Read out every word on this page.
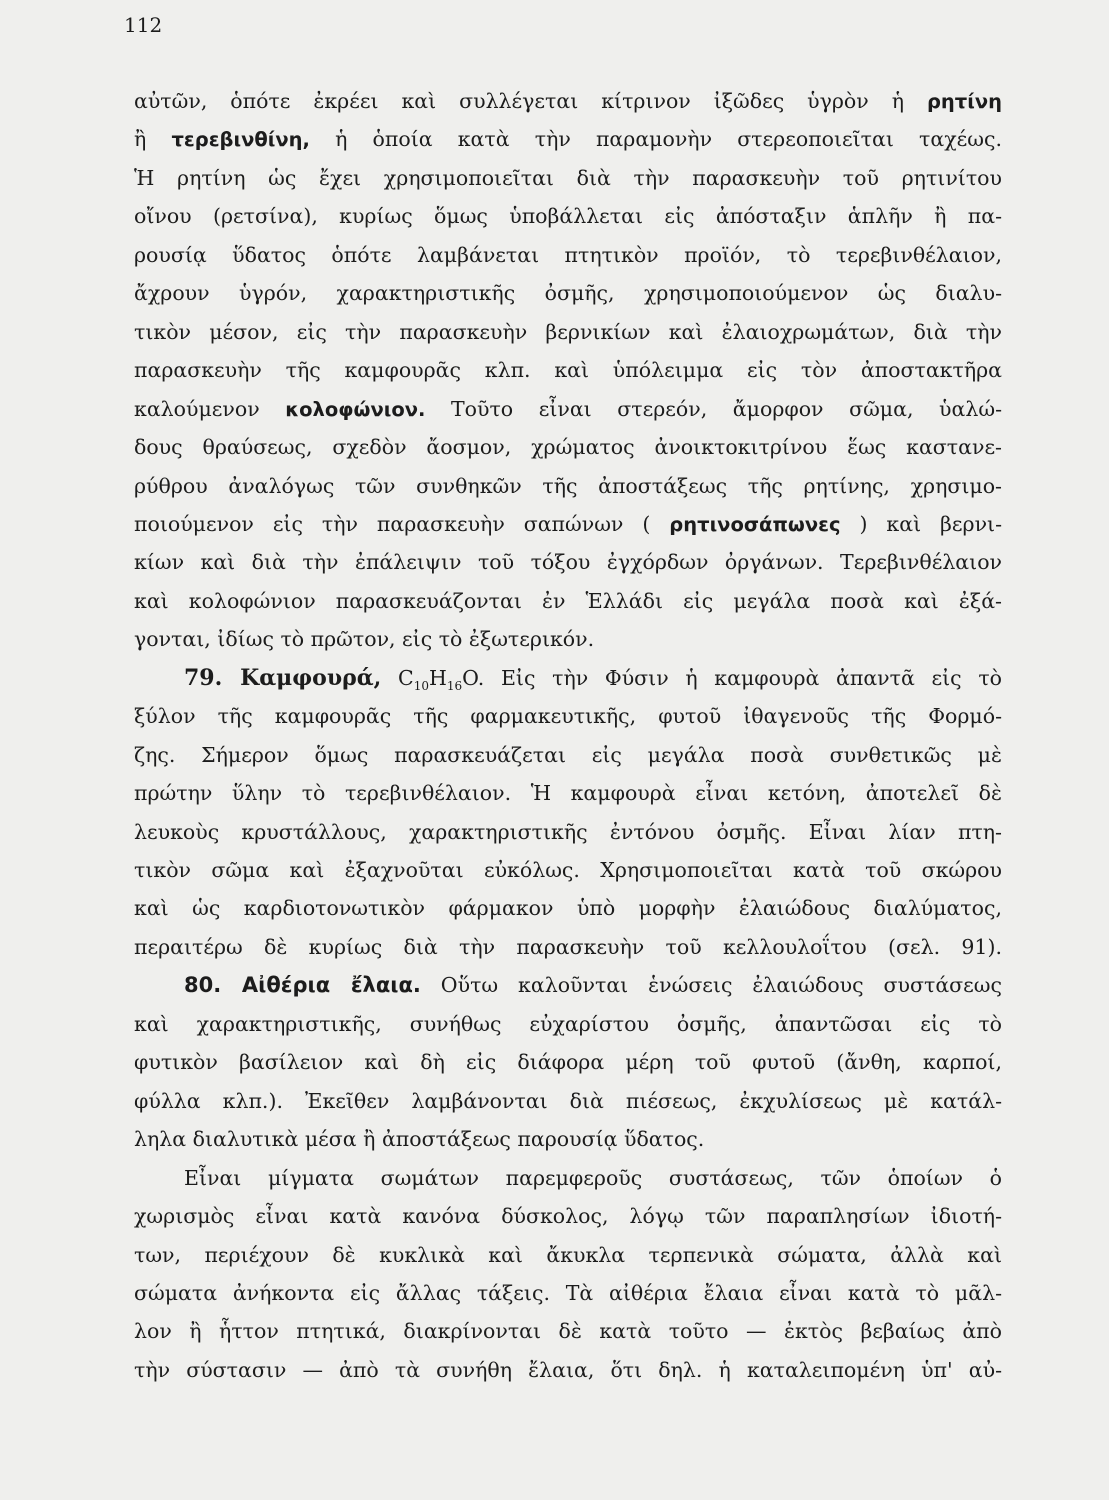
112
αὐτῶν, ὁπότε ἐκρέει καὶ συλλέγεται κίτρινον ἰξῶδες ὑγρὸν ἡ ρητίνη
ἢ τερεβινθίνη, ἡ ὁποία κατὰ τὴν παραμονὴν στερεοποιεῖται ταχέως.
Ἡ ρητίνη ὡς ἔχει χρησιμοποιεῖται διὰ τὴν παρασκευὴν τοῦ ρητινίτου
οἴνου (ρετσίνα), κυρίως ὅμως ὑποβάλλεται εἰς ἀπόσταξιν ἁπλῆν ἢ πα-
ρουσίᾳ ὕδατος ὁπότε λαμβάνεται πτητικὸν προϊόν, τὸ τερεβινθέλαιον,
ἄχρουν ὑγρόν, χαρακτηριστικῆς ὀσμῆς, χρησιμοποιούμενον ὡς διαλυ-
τικὸν μέσον, εἰς τὴν παρασκευὴν βερνικίων καὶ ἐλαιοχρωμάτων, διὰ τὴν
παρασκευὴν τῆς καμφουρᾶς κλπ. καὶ ὑπόλειμμα εἰς τὸν ἀποστακτῆρα
καλούμενον κολοφώνιον. Τοῦτο εἶναι στερεόν, ἄμορφον σῶμα, ὑαλώ-
δους θραύσεως, σχεδὸν ἄοσμον, χρώματος ἀνοικτοκιτρίνου ἕως καστανε-
ρύθρου ἀναλόγως τῶν συνθηκῶν τῆς ἀποστάξεως τῆς ρητίνης, χρησιμο-
ποιούμενον εἰς τὴν παρασκευὴν σαπώνων ( ρητινοσάπωνες ) καὶ βερνι-
κίων καὶ διὰ τὴν ἐπάλειψιν τοῦ τόξου ἐγχόρδων ὀργάνων. Τερεβινθέλαιον
καὶ κολοφώνιον παρασκευάζονται ἐν Ἑλλάδι εἰς μεγάλα ποσὰ καὶ ἐξά-
γονται, ἰδίως τὸ πρῶτον, εἰς τὸ ἐξωτερικόν.
79. Καμφουρά, $C_{10}H_{16}O$. Εἰς τὴν Φύσιν ἡ καμφουρὰ ἀπαντᾶ εἰς τὸ
ξύλον τῆς καμφουρᾶς τῆς φαρμακευτικῆς, φυτοῦ ἰθαγενοῦς τῆς Φορμό-
ζης. Σήμερον ὅμως παρασκευάζεται εἰς μεγάλα ποσὰ συνθετικῶς μὲ
πρώτην ὕλην τὸ τερεβινθέλαιον. Ἡ καμφουρὰ εἶναι κετόνη, ἀποτελεῖ δὲ
λευκοὺς κρυστάλλους, χαρακτηριστικῆς ἐντόνου ὀσμῆς. Εἶναι λίαν πτη-
τικὸν σῶμα καὶ ἐξαχνοῦται εὐκόλως. Χρησιμοποιεῖται κατὰ τοῦ σκώρου
καὶ ὡς καρδιοτονωτικὸν φάρμακον ὑπὸ μορφὴν ἐλαιώδους διαλύματος,
περαιτέρω δὲ κυρίως διὰ τὴν παρασκευὴν τοῦ κελλουλοΐτου (σελ. 91).
80. Αἰθέρια ἔλαια. Οὕτω καλοῦνται ἑνώσεις ἐλαιώδους συστάσεως
καὶ χαρακτηριστικῆς, συνήθως εὐχαρίστου ὀσμῆς, ἀπαντῶσαι εἰς τὸ
φυτικὸν βασίλειον καὶ δὴ εἰς διάφορα μέρη τοῦ φυτοῦ (ἄνθη, καρποί,
φύλλα κλπ.). Ἐκεῖθεν λαμβάνονται διὰ πιέσεως, ἐκχυλίσεως μὲ κατάλ-
ληλα διαλυτικὰ μέσα ἢ ἀποστάξεως παρουσίᾳ ὕδατος.
Εἶναι μίγματα σωμάτων παρεμφεροῦς συστάσεως, τῶν ὁποίων ὁ
χωρισμὸς εἶναι κατὰ κανόνα δύσκολος, λόγῳ τῶν παραπλησίων ἰδιοτή-
των, περιέχουν δὲ κυκλικὰ καὶ ἄκυκλα τερπενικὰ σώματα, ἀλλὰ καὶ
σώματα ἀνήκοντα εἰς ἄλλας τάξεις. Τὰ αἰθέρια ἔλαια εἶναι κατὰ τὸ μᾶλ-
λον ἢ ἧττον πτητικά, διακρίνονται δὲ κατὰ τοῦτο — ἐκτὸς βεβαίως ἀπὸ
τὴν σύστασιν — ἀπὸ τὰ συνήθη ἔλαια, ὅτι δηλ. ἡ καταλειπομένη ὑπ' αὐ-
